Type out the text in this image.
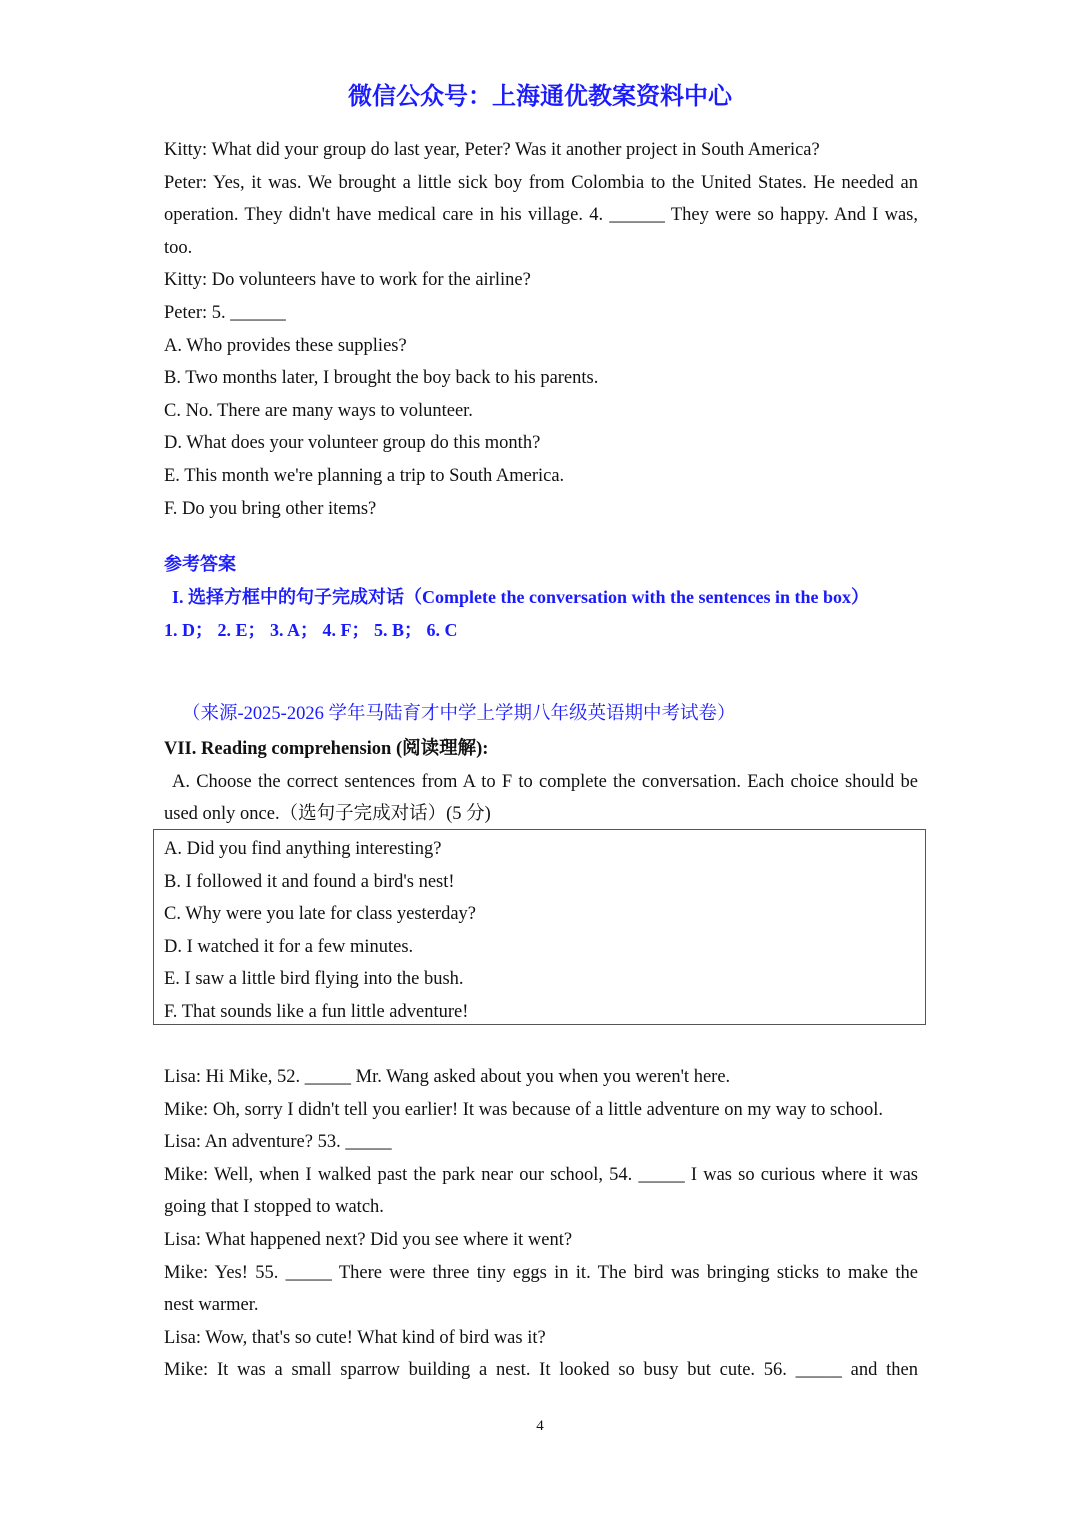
微信公众号：上海通优教案资料中心
Kitty: What did your group do last year, Peter? Was it another project in South America?
Peter: Yes, it was. We brought a little sick boy from Colombia to the United States. He needed an
operation. They didn't have medical care in his village. 4. ______ They were so happy. And I was,
too.
Kitty: Do volunteers have to work for the airline?
Peter: 5. ______
A. Who provides these supplies?
B. Two months later, I brought the boy back to his parents.
C. No. There are many ways to volunteer.
D. What does your volunteer group do this month?
E. This month we're planning a trip to South America.
F. Do you bring other items?
参考答案
I. 选择方框中的句子完成对话（Complete the conversation with the sentences in the box）
1. D； 2. E； 3. A； 4. F； 5. B； 6. C
（来源-2025-2026 学年马陆育才中学上学期八年级英语期中考试卷）
VII. Reading comprehension (阅读理解):
A. Choose the correct sentences from A to F to complete the conversation. Each choice should be
used only once.（选句子完成对话）(5 分)
A. Did you find anything interesting?
B. I followed it and found a bird's nest!
C. Why were you late for class yesterday?
D. I watched it for a few minutes.
E. I saw a little bird flying into the bush.
F. That sounds like a fun little adventure!
Lisa: Hi Mike, 52. _____ Mr. Wang asked about you when you weren't here.
Mike: Oh, sorry I didn't tell you earlier! It was because of a little adventure on my way to school.
Lisa: An adventure? 53. _____
Mike: Well, when I walked past the park near our school, 54. _____ I was so curious where it was
going that I stopped to watch.
Lisa: What happened next? Did you see where it went?
Mike: Yes! 55. _____ There were three tiny eggs in it. The bird was bringing sticks to make the
nest warmer.
Lisa: Wow, that's so cute! What kind of bird was it?
Mike: It was a small sparrow building a nest. It looked so busy but cute. 56. _____ and then
4
